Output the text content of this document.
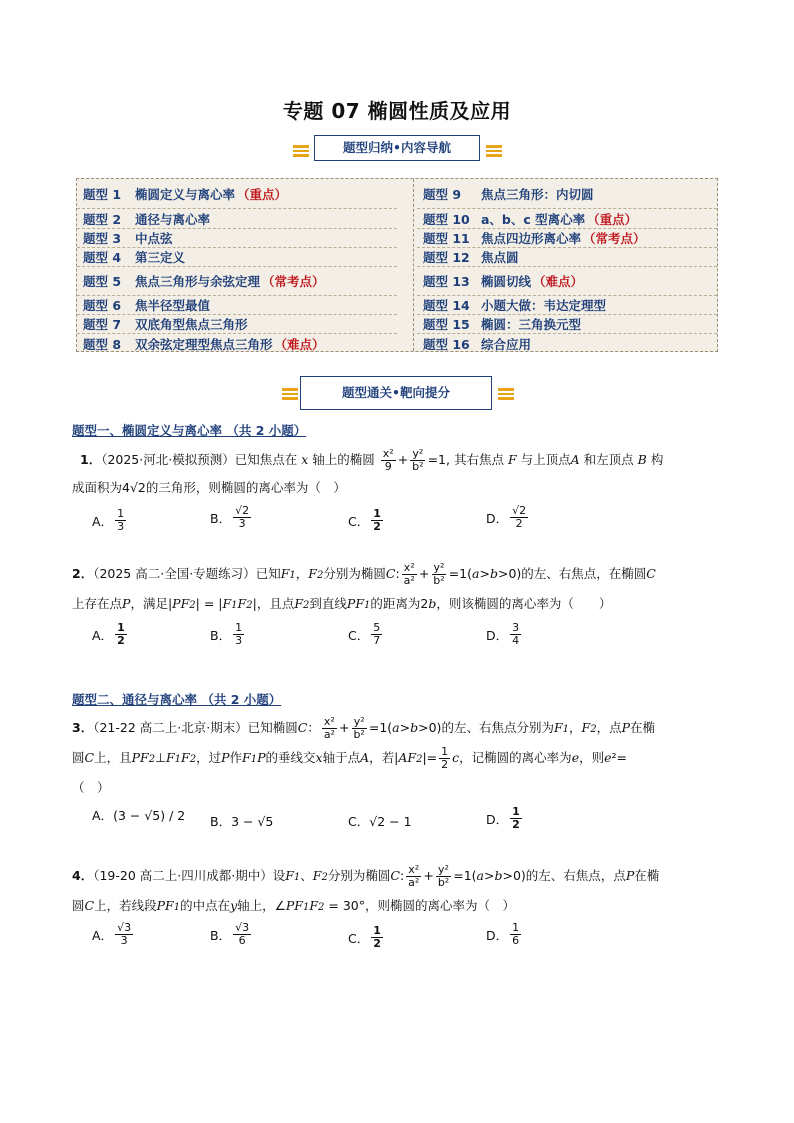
专题 07 椭圆性质及应用
题型归纳•内容导航
题型 1	椭圆定义与离心率 （重点）
题型 2	通径与离心率
题型 3	中点弦
题型 4	第三定义
题型 5	焦点三角形与余弦定理 （常考点）
题型 6	焦半径型最值
题型 7	双底角型焦点三角形
题型 8	双余弦定理型焦点三角形 （难点）
题型 9	焦点三角形：内切圆
题型 10 a、b、c 型离心率 （重点）
题型 11 焦点四边形离心率 （常考点）
题型 12 焦点圆
题型 13 椭圆切线 （难点）
题型 14 小题大做：韦达定理型
题型 15 椭圆：三角换元型
题型 16 综合应用
题型通关•靶向提分
题型一、椭圆定义与离心率 （共 2 小题）
1．（2025·河北·模拟预测）已知焦点在 x 轴上的椭圆 $\frac{\text{x²}}{9} + \frac{\text{y²}}{\text{b²}} =1$, 其右焦点 F 与上顶点A 和左顶点 B 构
成面积为4√2的三角形，则椭圆的离心率为（　）
A． $\frac{1}{3}$	B． $\frac{√2}{3}$	C． $\frac{1}{2}$	D． $\frac{√2}{2}$
2．（2025 高二·全国·专题练习）已知F1，F2分别为椭圆C: $\frac{\text{x²}}{\text{a²}} + \frac{\text{y²}}{\text{b²}} =1(a>b>0)$的左、右焦点，在椭圆C
上存在点P，满足|PF2| = |F1F2|，且点F2到直线PF1的距离为2b，则该椭圆的离心率为（　　）
A． $\frac{1}{2}$	B． $\frac{1}{3}$	C． $\frac{5}{7}$	D． $\frac{3}{4}$
题型二、通径与离心率 （共 2 小题）
3．（21-22 高二上·北京·期末）已知椭圆C： $\frac{\text{x²}}{\text{a²}} + \frac{\text{y²}}{\text{b²}} =1(a>b>0)$的左、右焦点分别为F1，F2，点P在椭
圆C上，且PF2⊥F1F2，过P作F1P的垂线交x轴于点A，若$|AF2|= \frac{1}{2}$ c，记椭圆的离心率为e，则e²=
（　）
A． (3 − √5) / 2 B． 3 − √5	C． √2 − 1	D． $\frac{1}{2}$
4．（19-20 高二上·四川成都·期中）设F1、F2分别为椭圆C: $\frac{\text{x²}}{\text{a²}} + \frac{\text{y²}}{\text{b²}} =1(a>b>0)$的左、右焦点，点P在椭
圆C上，若线段PF1的中点在y轴上，∠PF1F2 = 30°，则椭圆的离心率为（　）
A． $\frac{√3}{3}$	B． $\frac{√3}{6}$	C． $\frac{1}{2}$	D． $\frac{1}{6}$
